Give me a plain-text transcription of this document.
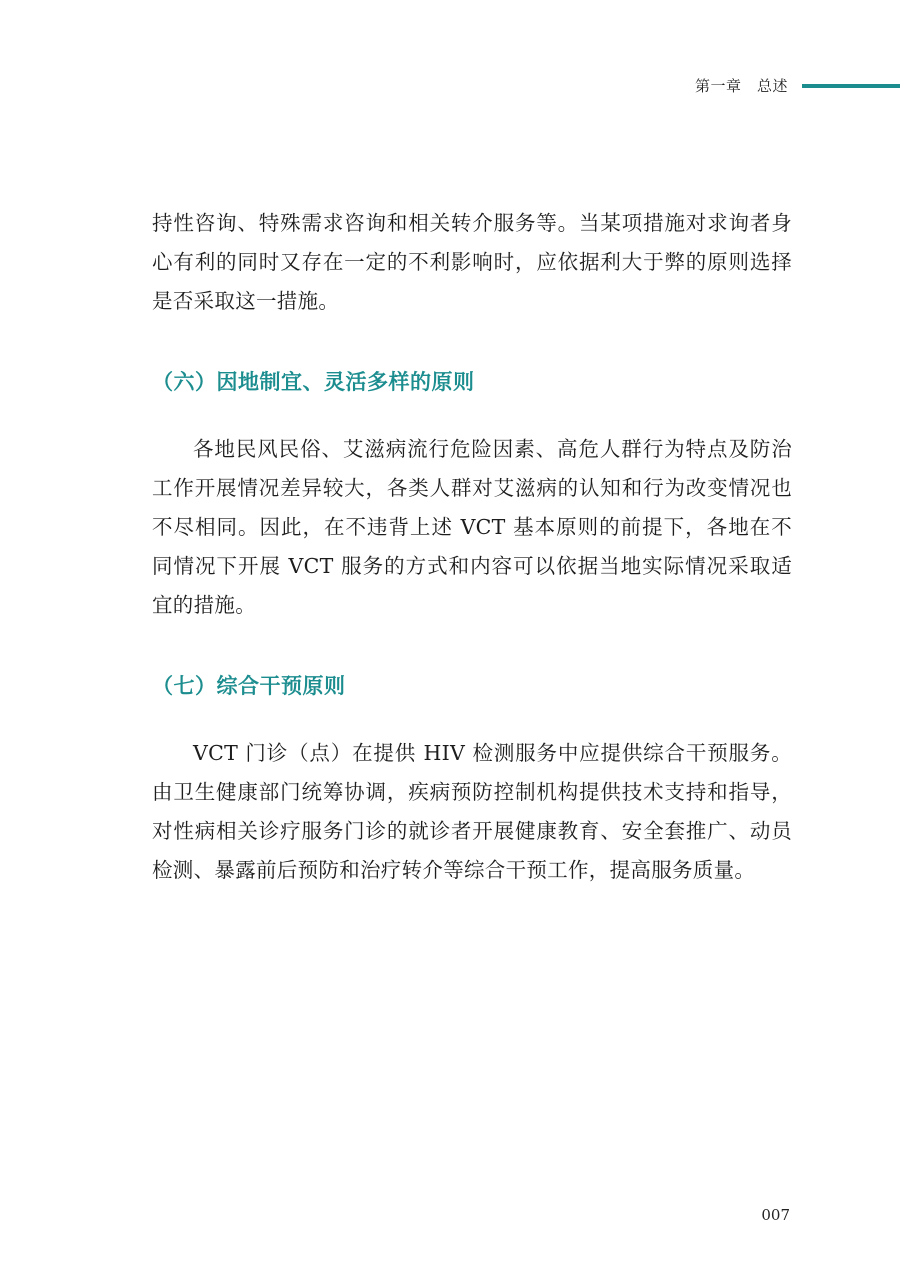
第一章　总述

持性咨询、特殊需求咨询和相关转介服务等。当某项措施对求询者身心有利的同时又存在一定的不利影响时，应依据利大于弊的原则选择是否采取这一措施。

（六）因地制宜、灵活多样的原则

各地民风民俗、艾滋病流行危险因素、高危人群行为特点及防治工作开展情况差异较大，各类人群对艾滋病的认知和行为改变情况也不尽相同。因此，在不违背上述 VCT 基本原则的前提下，各地在不同情况下开展 VCT 服务的方式和内容可以依据当地实际情况采取适宜的措施。

（七）综合干预原则

VCT 门诊（点）在提供 HIV 检测服务中应提供综合干预服务。由卫生健康部门统筹协调，疾病预防控制机构提供技术支持和指导，对性病相关诊疗服务门诊的就诊者开展健康教育、安全套推广、动员检测、暴露前后预防和治疗转介等综合干预工作，提高服务质量。

007
